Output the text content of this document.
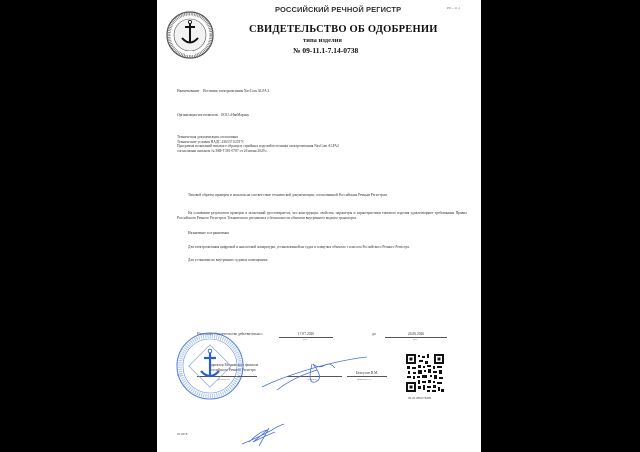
РОССИЙСКИЙ РЕЧНОЙ РЕГИСТР	РР—11.1
СВИДЕТЕЛЬСТВО ОБ ОДОБРЕНИИ
типа изделия
№ 09-11.1-7.14-0738
Наименование Источник электропитания NavCom ALFA 2
Организация-изготовитель ООО «НавМарин»
Техническая документация согласована
Технические условия НАДС.436537.025ТУ;
Программа испытаний типового образца и серийных изделий источника электропитания NavCom ALFA2
согласованы письмом № МФ-Т381-0787 от 26 июня 2020 г.
Типовой образец проверен и испытан на соответствие технической документации, согласованной Российским Речным Регистром.
На основании результатов проверок и испытаний удостоверяется, что конструкция, свойства, параметры и характеристики типового изделия удовлетворяют требованиям Правил Российского Речного Регистра и Технического регламента о безопасности объектов внутреннего водного транспорта.
Назначение и ограничения
Для электропитания цифровой и аналоговой аппаратуры, установленной на судах и плавучих объектах с классом Российского Речного Регистра.
Для установки во внутренних судовых помещениях.
Настоящее Свидетельство действительно с	17.07.2020
дата
до	26.06.2026
дата
Директор Московского филиала
Российского Речного Регистра
М.П.
(должность)	(подпись)
Белоусов В.М.
(фамилия и.о.)
09.20.088.078409
05.2018
